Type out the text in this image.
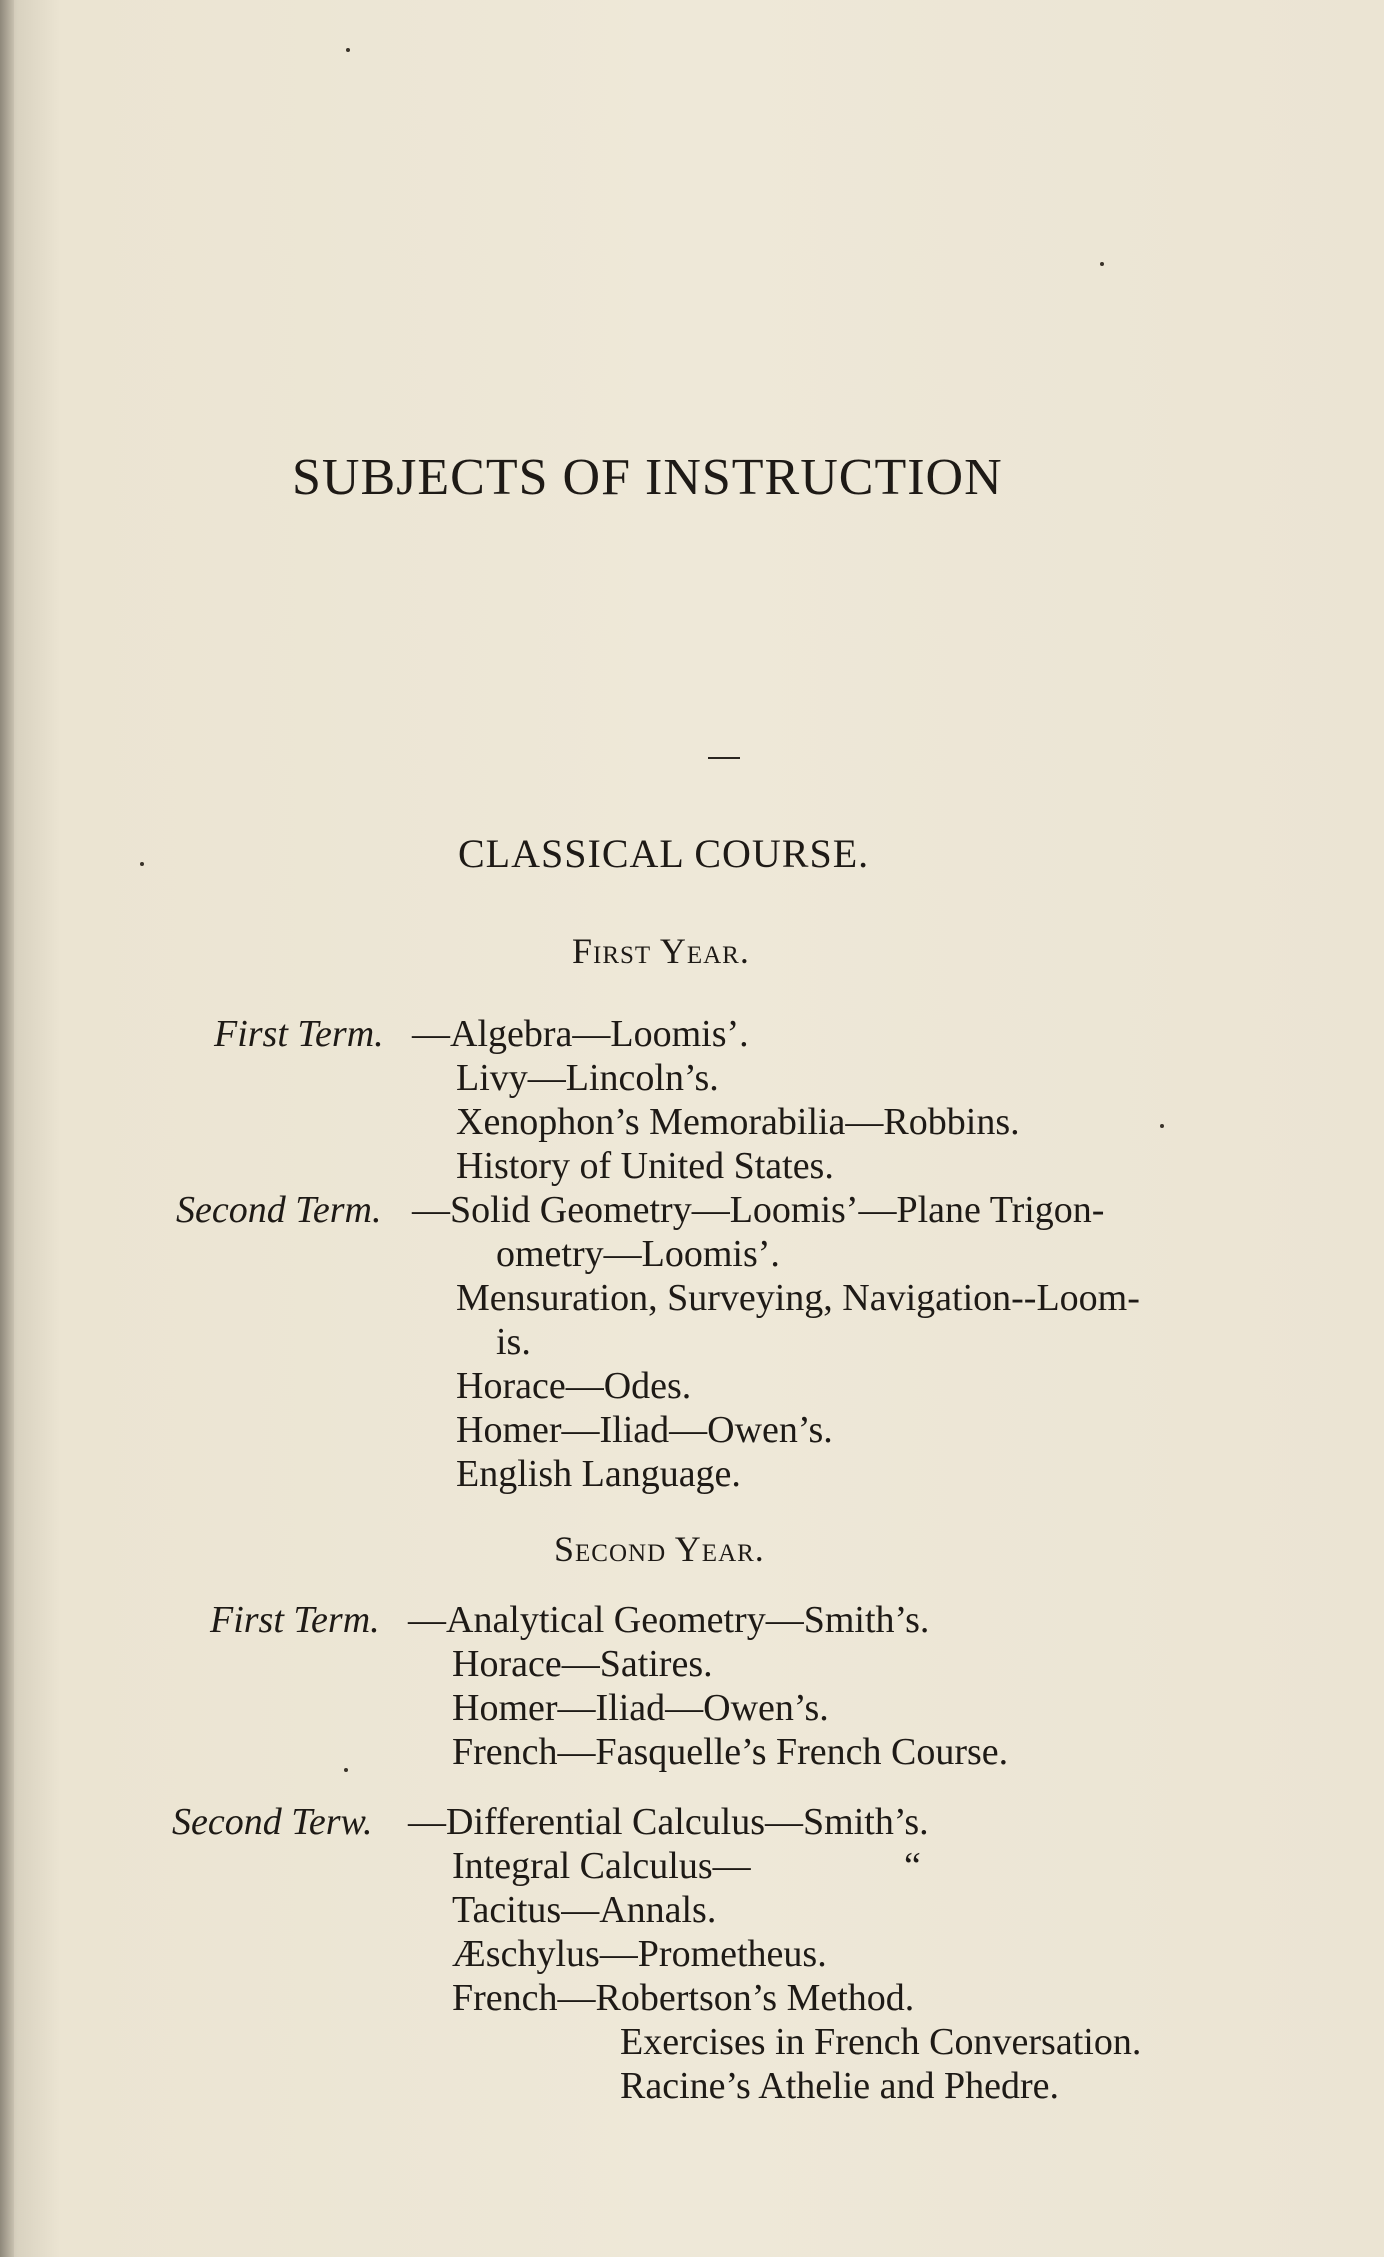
SUBJECTS OF INSTRUCTION
CLASSICAL COURSE.
First Year.
First Term. —Algebra—Loomis’.
Livy—Lincoln’s.
Xenophon’s Memorabilia—Robbins.
History of United States.
Second Term. —Solid Geometry—Loomis’—Plane Trigon-
ometry—Loomis’.
Mensuration, Surveying, Navigation--Loom-
is.
Horace—Odes.
Homer—Iliad—Owen’s.
English Language.
Second Year.
First Term. —Analytical Geometry—Smith’s.
Horace—Satires.
Homer—Iliad—Owen’s.
French—Fasquelle’s French Course.
Second Terw. —Differential Calculus—Smith’s.
Integral Calculus—	“
Tacitus—Annals.
Æschylus—Prometheus.
French—Robertson’s Method.
Exercises in French Conversation.
Racine’s Athelie and Phedre.
